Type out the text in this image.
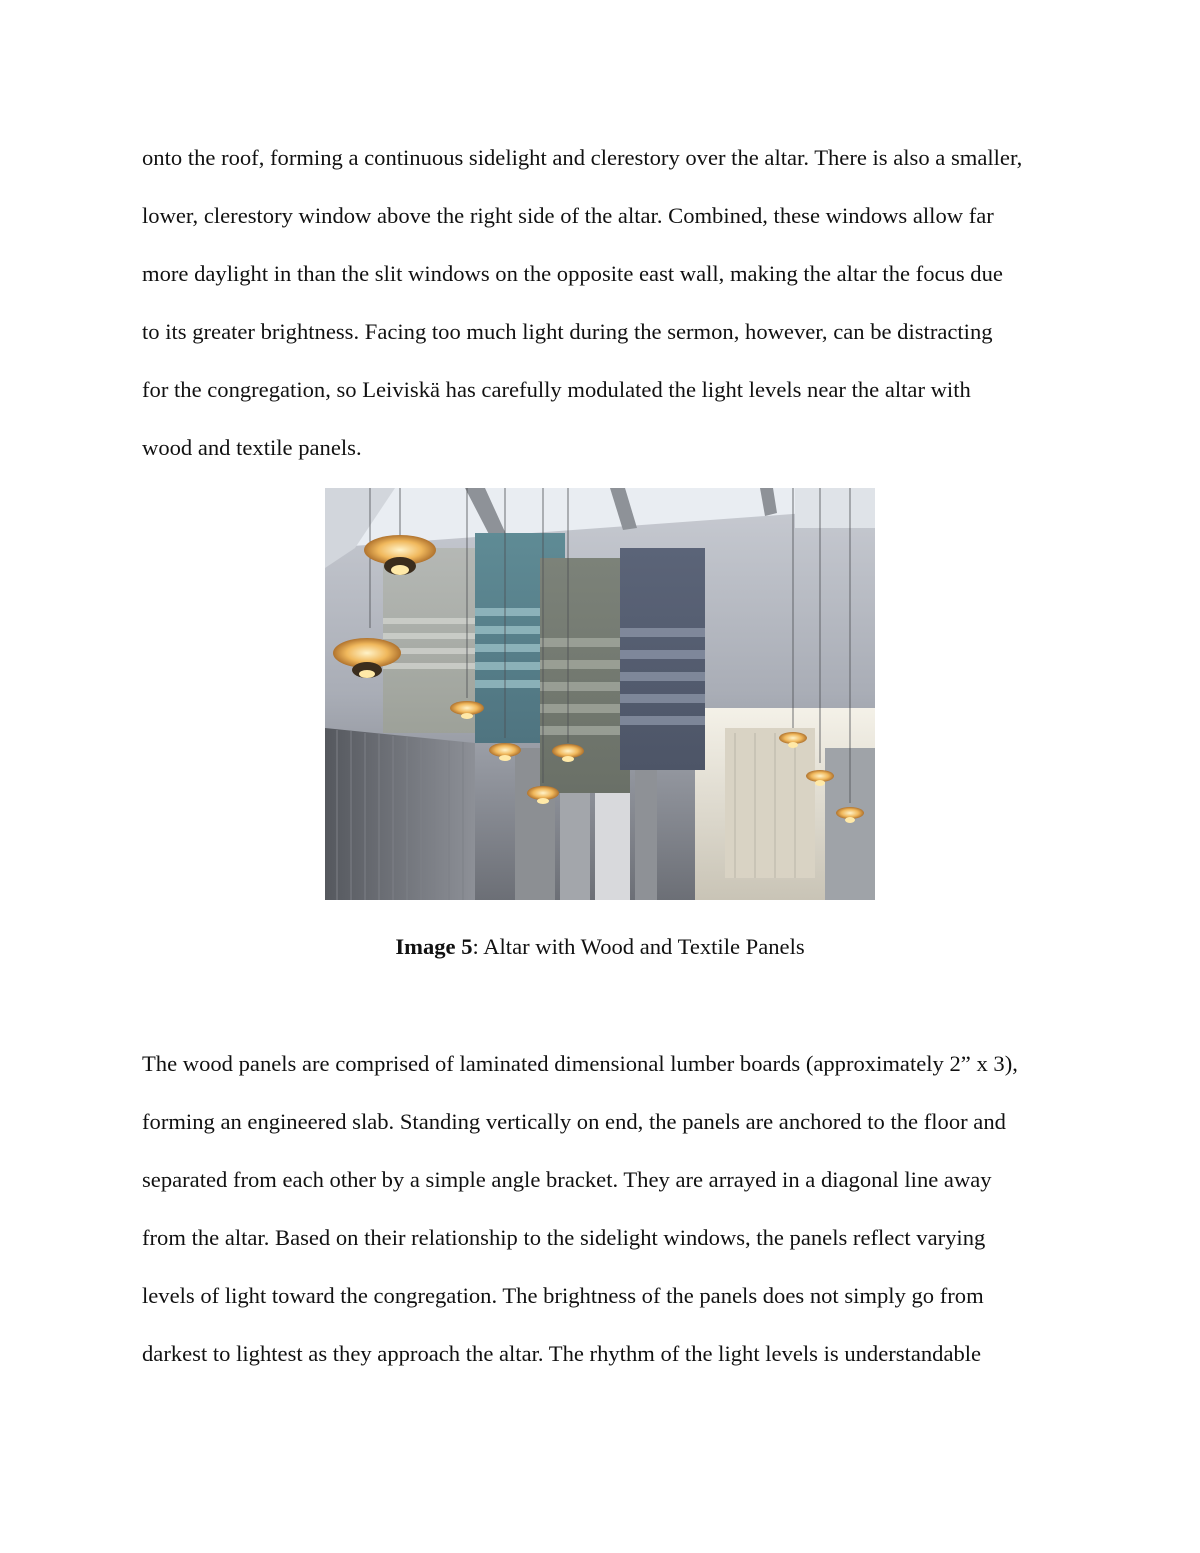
onto the roof, forming a continuous sidelight and clerestory over the altar. There is also a smaller,
lower, clerestory window above the right side of the altar. Combined, these windows allow far
more daylight in than the slit windows on the opposite east wall, making the altar the focus due
to its greater brightness. Facing too much light during the sermon, however, can be distracting
for the congregation, so Leiviskä has carefully modulated the light levels near the altar with
wood and textile panels.
Image 5: Altar with Wood and Textile Panels
The wood panels are comprised of laminated dimensional lumber boards (approximately 2” x 3),
forming an engineered slab. Standing vertically on end, the panels are anchored to the floor and
separated from each other by a simple angle bracket. They are arrayed in a diagonal line away
from the altar. Based on their relationship to the sidelight windows, the panels reflect varying
levels of light toward the congregation. The brightness of the panels does not simply go from
darkest to lightest as they approach the altar. The rhythm of the light levels is understandable
